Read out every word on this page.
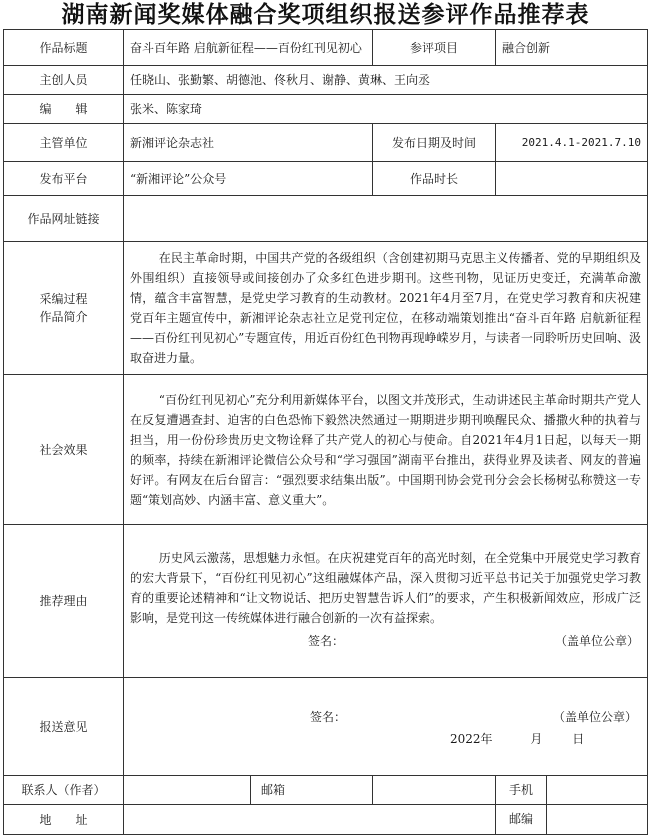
湖南新闻奖媒体融合奖项组织报送参评作品推荐表
作品标题	奋斗百年路 启航新征程——百份红刊见初心		参评项目	融合创新
主创人员	任晓山、张勤繁、胡德池、佟秋月、谢静、黄琳、王向丞			
编　　辑	张米、陈家琦			
主管单位	新湘评论杂志社		发布日期及时间	2021.4.1-2021.7.10
发布平台	“新湘评论”公众号		作品时长	
作品网址链接				

采编过程
作品简介	在民主革命时期，中国共产党的各级组织（含创建初期马克思主义传播者、党的早期组织及外围组织）直接领导或间接创办了众多红色进步期刊。这些刊物，见证历史变迁，充满革命激情，蕴含丰富智慧，是党史学习教育的生动教材。2021年4月至7月，在党史学习教育和庆祝建党百年主题宣传中，新湘评论杂志社立足党刊定位，在移动端策划推出“奋斗百年路 启航新征程——百份红刊见初心”专题宣传，用近百份红色刊物再现峥嵘岁月，与读者一同聆听历史回响、汲取奋进力量。			

社会效果	“百份红刊见初心”充分利用新媒体平台，以图文并茂形式，生动讲述民主革命时期共产党人在反复遭遇查封、迫害的白色恐怖下毅然决然通过一期期进步期刊唤醒民众、播撒火种的执着与担当，用一份份珍贵历史文物诠释了共产党人的初心与使命。自2021年4月1日起，以每天一期的频率，持续在新湘评论微信公众号和“学习强国”湖南平台推出，获得业界及读者、网友的普遍好评。有网友在后台留言：“强烈要求结集出版”。中国期刊协会党刊分会会长杨树弘称赞这一专题“策划高妙、内涵丰富、意义重大”。			

推荐理由	历史风云激荡，思想魅力永恒。在庆祝建党百年的高光时刻，在全党集中开展党史学习教育的宏大背景下，“百份红刊见初心”这组融媒体产品，深入贯彻习近平总书记关于加强党史学习教育的重要论述精神和“让文物说话、把历史智慧告诉人们”的要求，产生积极新闻效应，形成广泛影响，是党刊这一传统媒体进行融合创新的一次有益探索。

签名： （盖单位公章）			

报送意见	签名： （盖单位公章）
2022年 月 日			

联系人（作者）		邮箱		手机

地　　址				邮编
